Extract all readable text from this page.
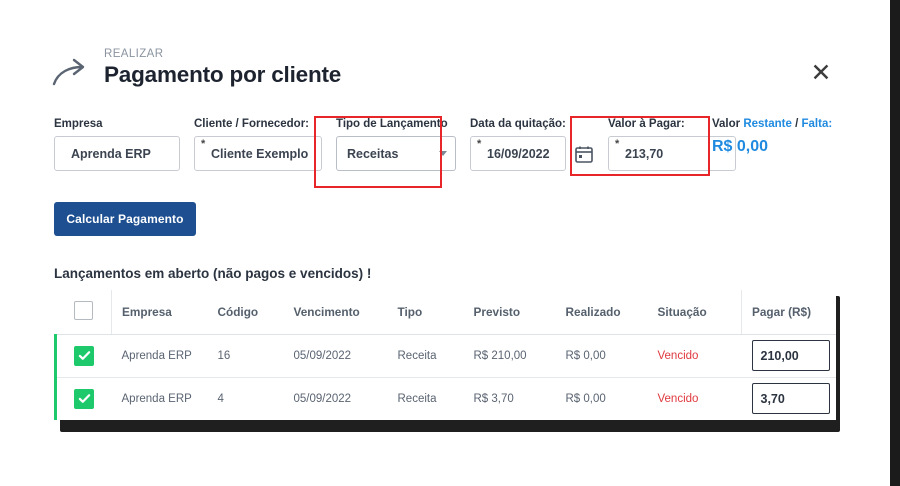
REALIZAR

Pagamento por cliente	✕
Empresa
Aprenda ERP
Cliente / Fornecedor:
*
Cliente Exemplo
Tipo de Lançamento
Receitas
Data da quitação:
*
16/09/2022
Valor à Pagar:
*
213,70
Valor Restante / Falta:
R$ 0,00
Calcular Pagamento
Lançamentos em aberto (não pagos e vencidos) !
	Empresa	Código	Vencimento	Tipo	Previsto	Realizado	Situação	Pagar (R$)

	Aprenda ERP	16	05/09/2022	Receita	R$ 210,00	R$ 0,00	Vencido	210,00

	Aprenda ERP	4	05/09/2022	Receita	R$ 3,70	R$ 0,00	Vencido	3,70
